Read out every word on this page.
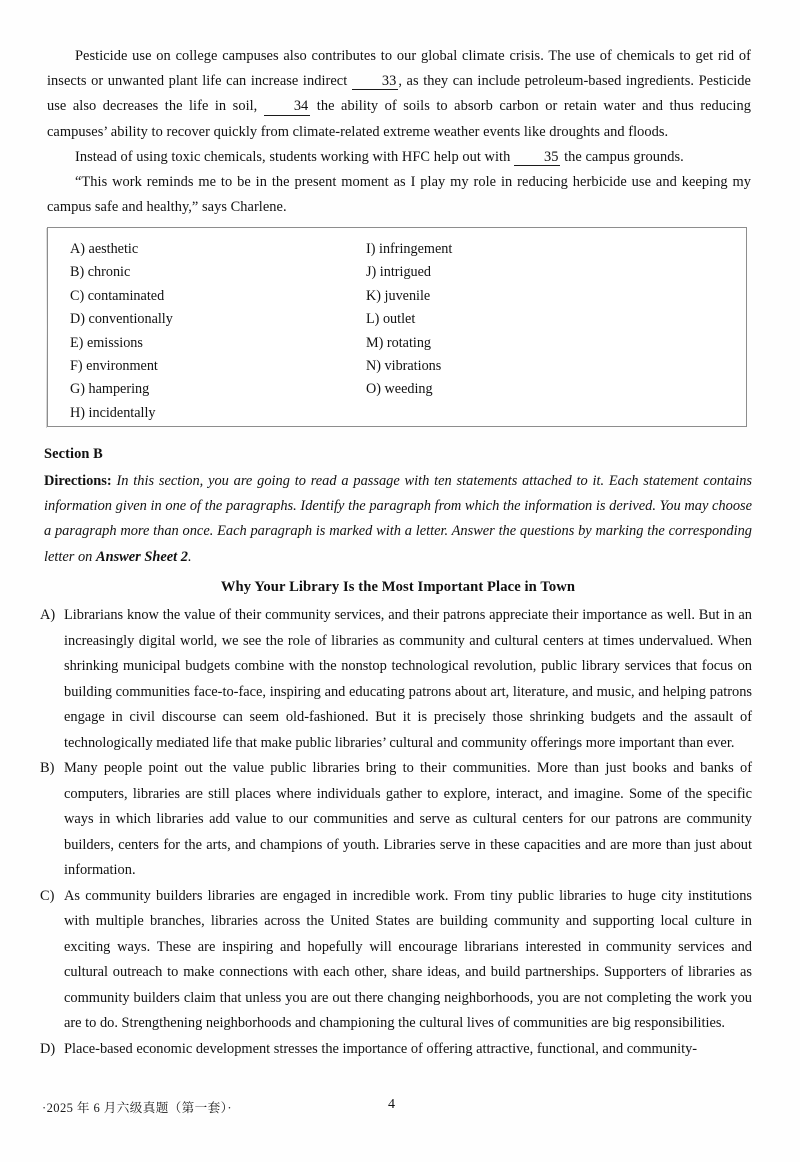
Pesticide use on college campuses also contributes to our global climate crisis. The use of chemicals to get rid of insects or unwanted plant life can increase indirect 33 , as they can include petroleum-based ingredients. Pesticide use also decreases the life in soil, 34 the ability of soils to absorb carbon or retain water and thus reducing campuses’ ability to recover quickly from climate-related extreme weather events like droughts and floods.

Instead of using toxic chemicals, students working with HFC help out with 35 the campus grounds.

“This work reminds me to be in the present moment as I play my role in reducing herbicide use and keeping my campus safe and healthy,” says Charlene.

A) aesthetic
B) chronic
C) contaminated
D) conventionally
E) emissions
F) environment
G) hampering
H) incidentally
I) infringement
J) intrigued
K) juvenile
L) outlet
M) rotating
N) vibrations
O) weeding
Section B
Directions: In this section, you are going to read a passage with ten statements attached to it. Each statement contains information given in one of the paragraphs. Identify the paragraph from which the information is derived. You may choose a paragraph more than once. Each paragraph is marked with a letter. Answer the questions by marking the corresponding letter on Answer Sheet 2.
Why Your Library Is the Most Important Place in Town
A) Librarians know the value of their community services, and their patrons appreciate their importance as well. But in an increasingly digital world, we see the role of libraries as community and cultural centers at times undervalued. When shrinking municipal budgets combine with the nonstop technological revolution, public library services that focus on building communities face-to-face, inspiring and educating patrons about art, literature, and music, and helping patrons engage in civil discourse can seem old-fashioned. But it is precisely those shrinking budgets and the assault of technologically mediated life that make public libraries’ cultural and community offerings more important than ever.
B) Many people point out the value public libraries bring to their communities. More than just books and banks of computers, libraries are still places where individuals gather to explore, interact, and imagine. Some of the specific ways in which libraries add value to our communities and serve as cultural centers for our patrons are community builders, centers for the arts, and champions of youth. Libraries serve in these capacities and are more than just about information.
C) As community builders libraries are engaged in incredible work. From tiny public libraries to huge city institutions with multiple branches, libraries across the United States are building community and supporting local culture in exciting ways. These are inspiring and hopefully will encourage librarians interested in community services and cultural outreach to make connections with each other, share ideas, and build partnerships. Supporters of libraries as community builders claim that unless you are out there changing neighborhoods, you are not completing the work you are to do. Strengthening neighborhoods and championing the cultural lives of communities are big responsibilities.
D) Place-based economic development stresses the importance of offering attractive, functional, and community-
·2025 年 6 月六级真题（第一套）·	4
